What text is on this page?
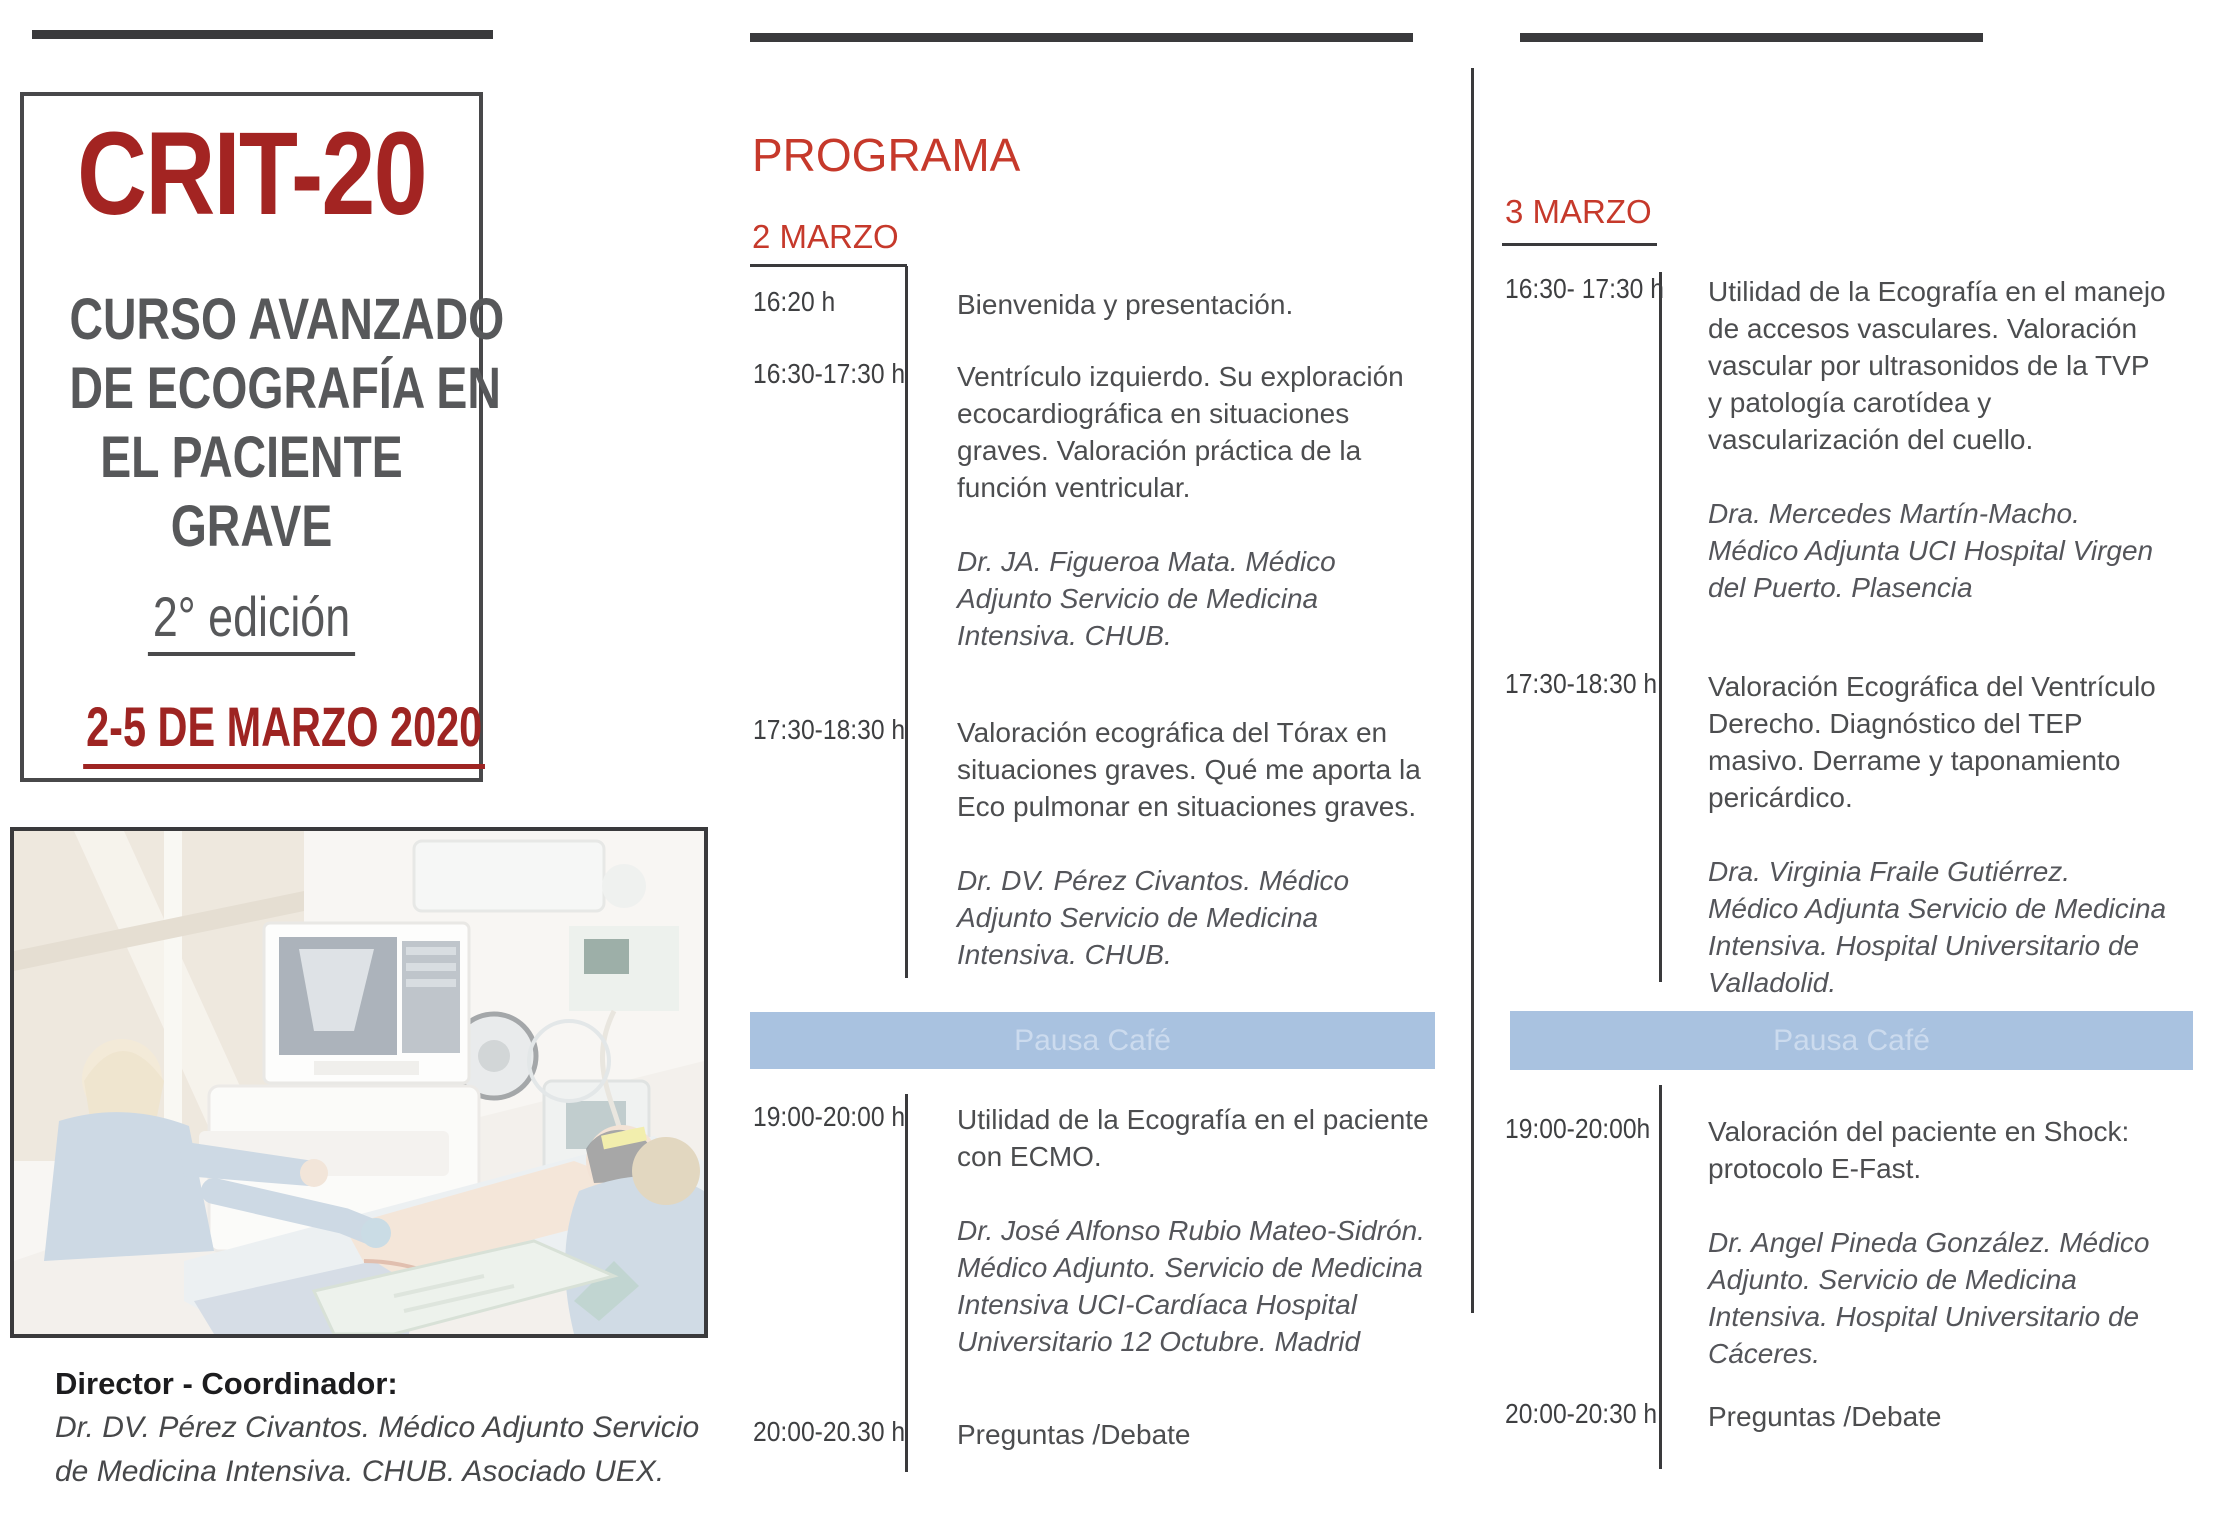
CRIT-20
CURSO AVANZADO
DE ECOGRAFÍA EN
EL PACIENTE
GRAVE
2° edición
2-5 DE MARZO 2020
Director - Coordinador:
Dr. DV. Pérez Civantos. Médico Adjunto Servicio
de Medicina Intensiva. CHUB. Asociado UEX.
PROGRAMA
2 MARZO
16:20 h	Bienvenida y presentación.
16:30-17:30 h Ventrículo izquierdo. Su exploración ecocardiográfica en situaciones graves. Valoración práctica de la función ventricular.
Dr. JA. Figueroa Mata. Médico Adjunto Servicio de Medicina Intensiva. CHUB.
17:30-18:30 h Valoración ecográfica del Tórax en situaciones graves. Qué me aporta la Eco pulmonar en situaciones graves.
Dr. DV. Pérez Civantos. Médico Adjunto Servicio de Medicina Intensiva. CHUB.
Pausa Café
19:00-20:00 h Utilidad de la Ecografía en el paciente con ECMO.
Dr. José Alfonso Rubio Mateo-Sidrón. Médico Adjunto. Servicio de Medicina Intensiva UCI-Cardíaca Hospital Universitario 12 Octubre. Madrid
20:00-20.30 h Preguntas /Debate
3 MARZO
16:30- 17:30 h Utilidad de la Ecografía en el manejo de accesos vasculares. Valoración vascular por ultrasonidos de la TVP y patología carotídea y vascularización del cuello.
Dra. Mercedes Martín-Macho. Médico Adjunta UCI Hospital Virgen del Puerto. Plasencia
17:30-18:30 h Valoración Ecográfica del Ventrículo Derecho. Diagnóstico del TEP masivo. Derrame y taponamiento pericárdico.
Dra. Virginia Fraile Gutiérrez. Médico Adjunta Servicio de Medicina Intensiva. Hospital Universitario de Valladolid.
Pausa Café
19:00-20:00h Valoración del paciente en Shock: protocolo E-Fast.
Dr. Angel Pineda González. Médico Adjunto. Servicio de Medicina Intensiva. Hospital Universitario de Cáceres.
20:00-20:30 h Preguntas /Debate
